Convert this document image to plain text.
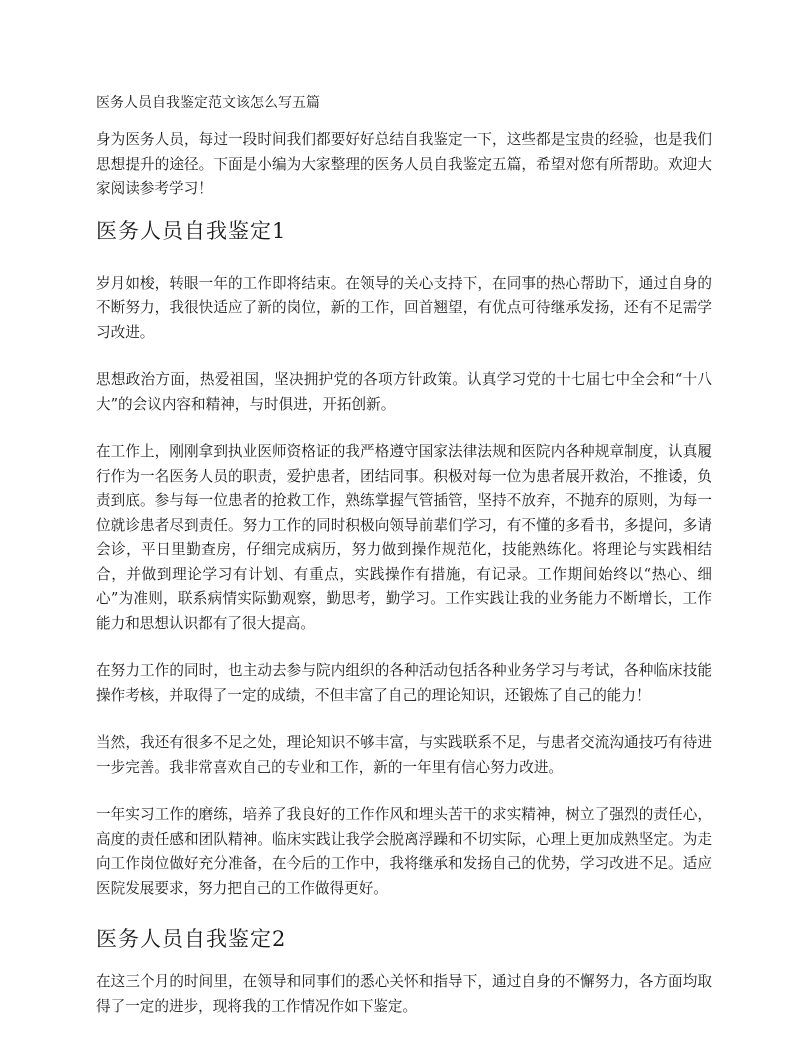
医务人员自我鉴定范文该怎么写五篇

身为医务人员，每过一段时间我们都要好好总结自我鉴定一下，这些都是宝贵的经验，也是我们思想提升的途径。下面是小编为大家整理的医务人员自我鉴定五篇，希望对您有所帮助。欢迎大家阅读参考学习！

医务人员自我鉴定1

岁月如梭，转眼一年的工作即将结束。在领导的关心支持下，在同事的热心帮助下，通过自身的不断努力，我很快适应了新的岗位，新的工作，回首翘望，有优点可待继承发扬，还有不足需学习改进。

思想政治方面，热爱祖国，坚决拥护党的各项方针政策。认真学习党的十七届七中全会和“十八大”的会议内容和精神，与时俱进，开拓创新。

在工作上，刚刚拿到执业医师资格证的我严格遵守国家法律法规和医院内各种规章制度，认真履行作为一名医务人员的职责，爱护患者，团结同事。积极对每一位为患者展开救治，不推诿，负责到底。参与每一位患者的抢救工作，熟练掌握气管插管，坚持不放弃，不抛弃的原则，为每一位就诊患者尽到责任。努力工作的同时积极向领导前辈们学习，有不懂的多看书，多提问，多请会诊，平日里勤查房，仔细完成病历，努力做到操作规范化，技能熟练化。将理论与实践相结合，并做到理论学习有计划、有重点，实践操作有措施，有记录。工作期间始终以“热心、细心”为准则，联系病情实际勤观察，勤思考，勤学习。工作实践让我的业务能力不断增长，工作能力和思想认识都有了很大提高。

在努力工作的同时，也主动去参与院内组织的各种活动包括各种业务学习与考试，各种临床技能操作考核，并取得了一定的成绩，不但丰富了自己的理论知识，还锻炼了自己的能力！

当然，我还有很多不足之处，理论知识不够丰富，与实践联系不足，与患者交流沟通技巧有待进一步完善。我非常喜欢自己的专业和工作，新的一年里有信心努力改进。

一年实习工作的磨练，培养了我良好的工作作风和埋头苦干的求实精神，树立了强烈的责任心，高度的责任感和团队精神。临床实践让我学会脱离浮躁和不切实际，心理上更加成熟坚定。为走向工作岗位做好充分准备，在今后的工作中，我将继承和发扬自己的优势，学习改进不足。适应医院发展要求，努力把自己的工作做得更好。

医务人员自我鉴定2

在这三个月的时间里，在领导和同事们的悉心关怀和指导下，通过自身的不懈努力，各方面均取得了一定的进步，现将我的工作情况作如下鉴定。
